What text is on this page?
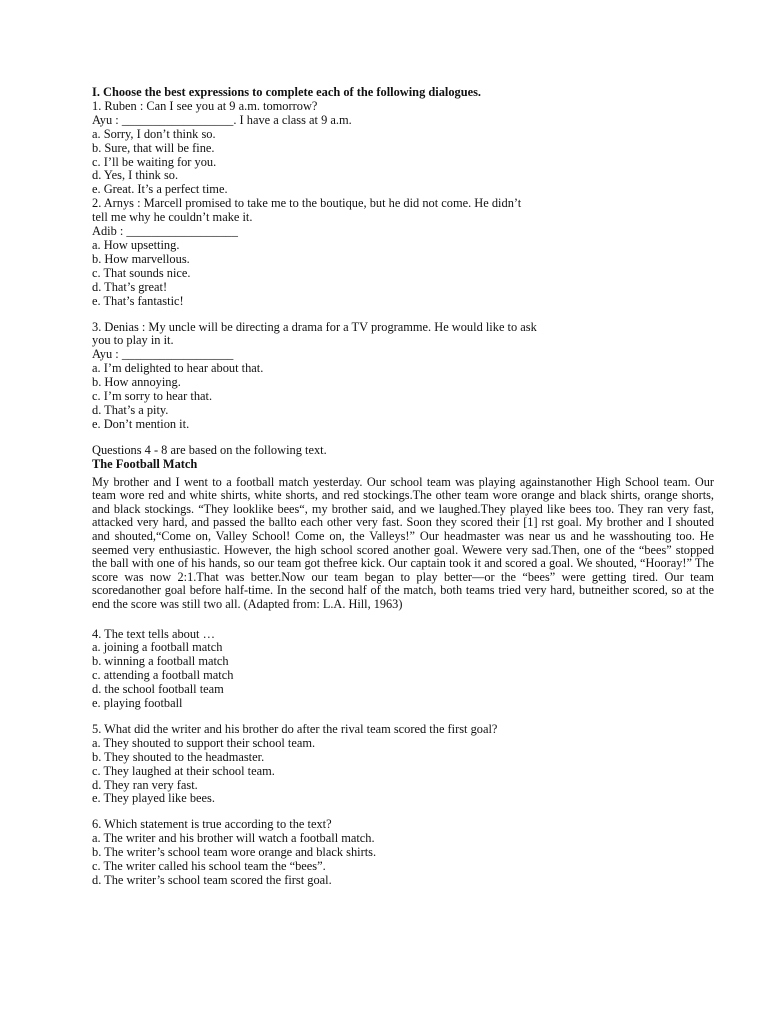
I. Choose the best expressions to complete each of the following dialogues.
1. Ruben : Can I see you at 9 a.m. tomorrow?
Ayu : __________________. I have a class at 9 a.m.
a. Sorry, I don’t think so.
b. Sure, that will be fine.
c. I’ll be waiting for you.
d. Yes, I think so.
e. Great. It’s a perfect time.
2. Arnys : Marcell promised to take me to the boutique, but he did not come. He didn’t
tell me why he couldn’t make it.
Adib : __________________
a. How upsetting.
b. How marvellous.
c. That sounds nice.
d. That’s great!
e. That’s fantastic!
3. Denias : My uncle will be directing a drama for a TV programme. He would like to ask
you to play in it.
Ayu : __________________
a. I’m delighted to hear about that.
b. How annoying.
c. I’m sorry to hear that.
d. That’s a pity.
e. Don’t mention it.
Questions 4 - 8 are based on the following text.
The Football Match
My brother and I went to a football match yesterday. Our school team was playing againstanother High School team. Our team wore red and white shirts, white shorts, and red stockings.The other team wore orange and black shirts, orange shorts, and black stockings. “They looklike bees“, my brother said, and we laughed.They played like bees too. They ran very fast, attacked very hard, and passed the ballto each other very fast. Soon they scored their [1] rst goal. My brother and I shouted and shouted,“Come on, Valley School! Come on, the Valleys!” Our headmaster was near us and he wasshouting too. He seemed very enthusiastic. However, the high school scored another goal. Wewere very sad.Then, one of the “bees” stopped the ball with one of his hands, so our team got thefree kick. Our captain took it and scored a goal. We shouted, “Hooray!” The score was now 2:1.That was better.Now our team began to play better—or the “bees” were getting tired. Our team scoredanother goal before half-time. In the second half of the match, both teams tried very hard, butneither scored, so at the end the score was still two all. (Adapted from: L.A. Hill, 1963)
4. The text tells about …
a. joining a football match
b. winning a football match
c. attending a football match
d. the school football team
e. playing football
5. What did the writer and his brother do after the rival team scored the first goal?
a. They shouted to support their school team.
b. They shouted to the headmaster.
c. They laughed at their school team.
d. They ran very fast.
e. They played like bees.
6. Which statement is true according to the text?
a. The writer and his brother will watch a football match.
b. The writer’s school team wore orange and black shirts.
c. The writer called his school team the “bees”.
d. The writer’s school team scored the first goal.
